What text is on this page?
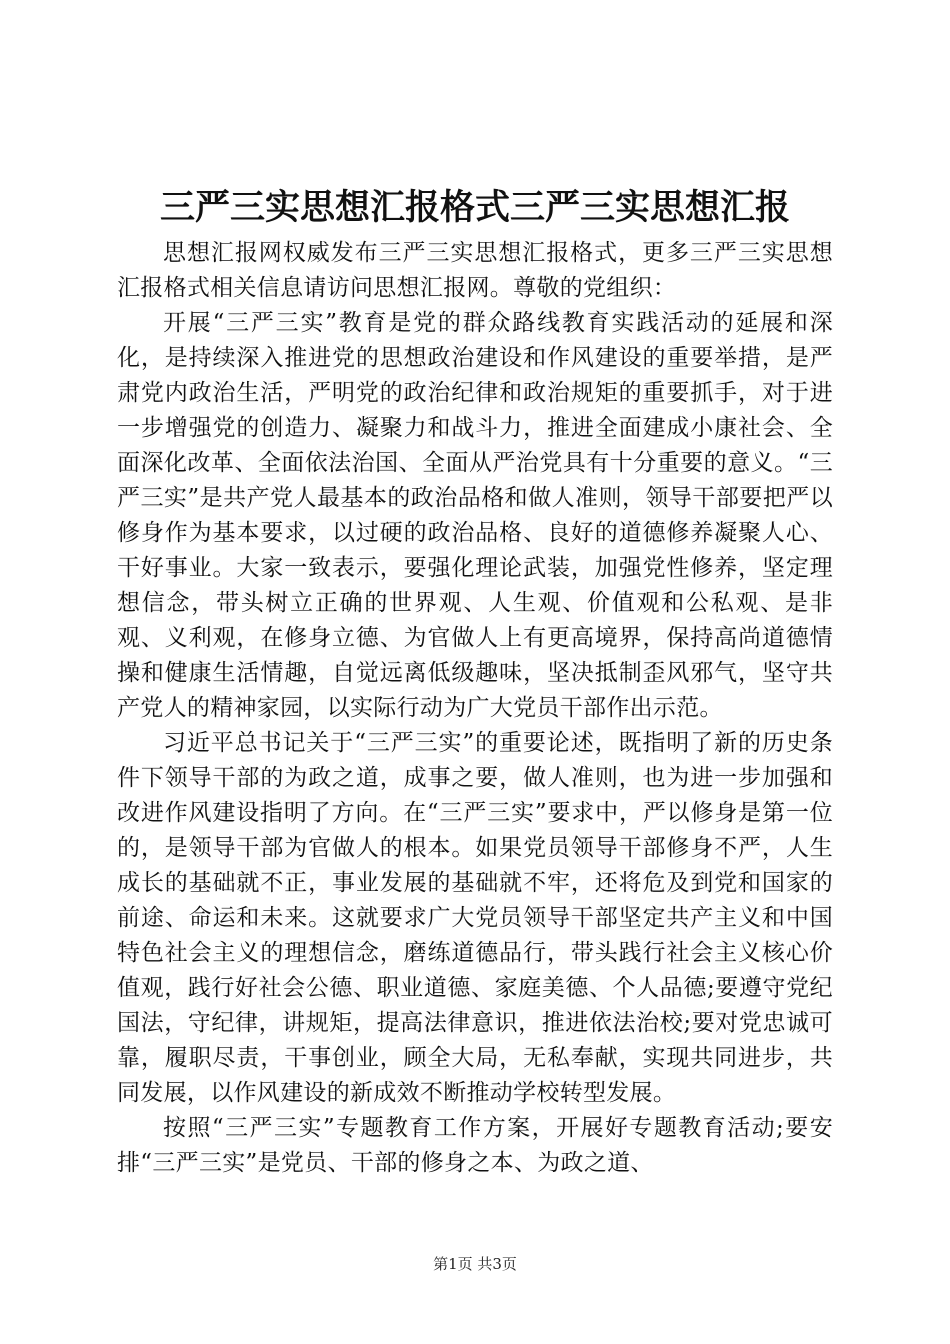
三严三实思想汇报格式三严三实思想汇报

思想汇报网权威发布三严三实思想汇报格式，更多三严三实思想汇报格式相关信息请访问思想汇报网。尊敬的党组织：

开展“三严三实”教育是党的群众路线教育实践活动的延展和深化，是持续深入推进党的思想政治建设和作风建设的重要举措，是严肃党内政治生活，严明党的政治纪律和政治规矩的重要抓手，对于进一步增强党的创造力、凝聚力和战斗力，推进全面建成小康社会、全面深化改革、全面依法治国、全面从严治党具有十分重要的意义。“三严三实”是共产党人最基本的政治品格和做人准则，领导干部要把严以修身作为基本要求，以过硬的政治品格、良好的道德修养凝聚人心、干好事业。大家一致表示，要强化理论武装，加强党性修养，坚定理想信念，带头树立正确的世界观、人生观、价值观和公私观、是非观、义利观，在修身立德、为官做人上有更高境界，保持高尚道德情操和健康生活情趣，自觉远离低级趣味，坚决抵制歪风邪气，坚守共产党人的精神家园，以实际行动为广大党员干部作出示范。

习近平总书记关于“三严三实”的重要论述，既指明了新的历史条件下领导干部的为政之道，成事之要，做人准则，也为进一步加强和改进作风建设指明了方向。在“三严三实”要求中，严以修身是第一位的，是领导干部为官做人的根本。如果党员领导干部修身不严，人生成长的基础就不正，事业发展的基础就不牢，还将危及到党和国家的前途、命运和未来。这就要求广大党员领导干部坚定共产主义和中国特色社会主义的理想信念，磨练道德品行，带头践行社会主义核心价值观，践行好社会公德、职业道德、家庭美德、个人品德;要遵守党纪国法，守纪律，讲规矩，提高法律意识，推进依法治校;要对党忠诚可靠，履职尽责，干事创业，顾全大局，无私奉献，实现共同进步，共同发展，以作风建设的新成效不断推动学校转型发展。

按照“三严三实”专题教育工作方案，开展好专题教育活动;要安排“三严三实”是党员、干部的修身之本、为政之道、

第1页 共3页
